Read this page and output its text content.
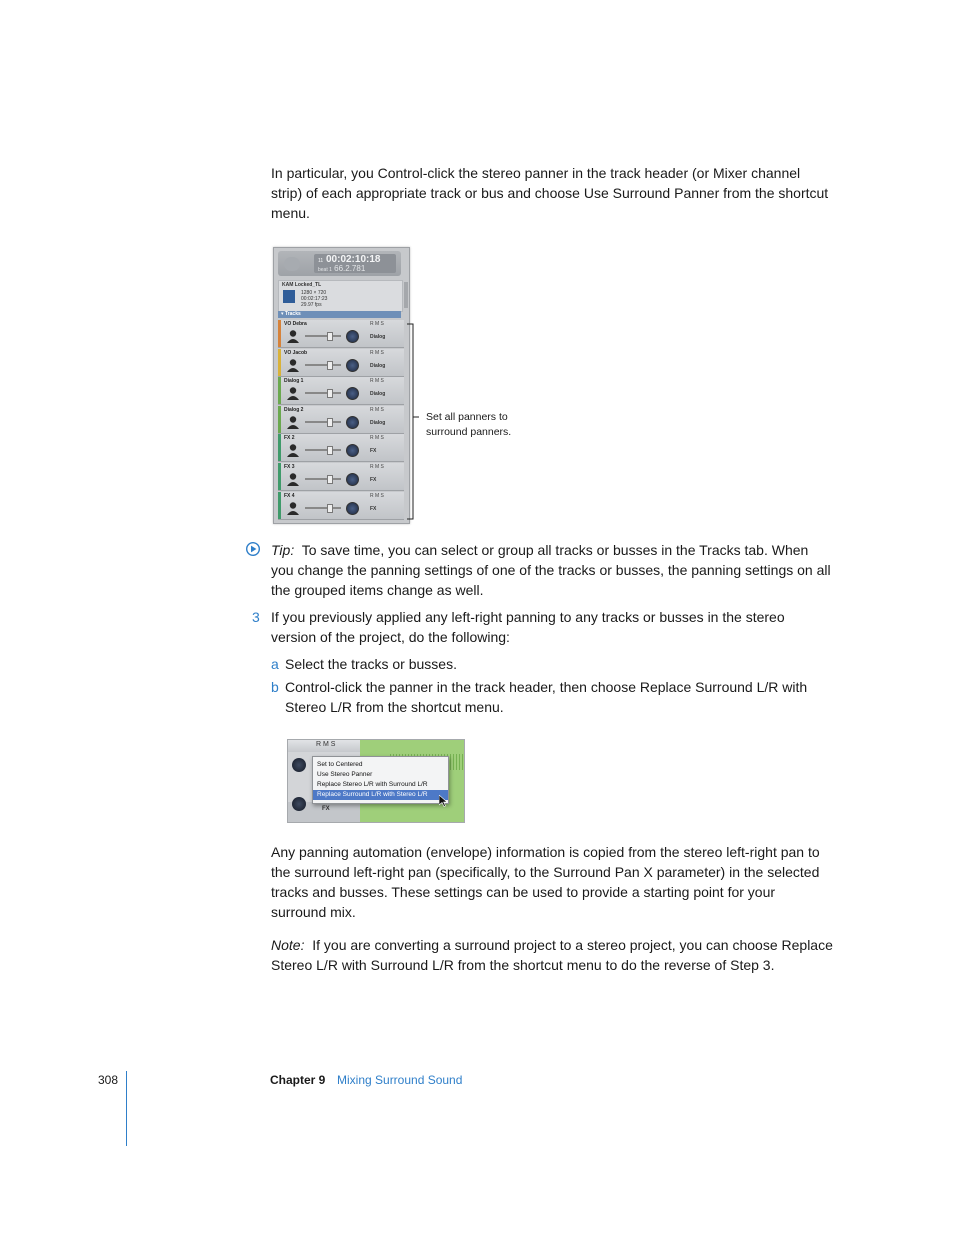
In particular, you Control-click the stereo panner in the track header (or Mixer channel strip) of each appropriate track or bus and choose Use Surround Panner from the shortcut menu.

11 00:02:10:18
beat 1 66.2.781
KAM Locked_TL
1280 × 720
00:02:17:23
29.97 fps
▾ Tracks
VO Debra	R M S
Dialog
VO Jacob	R M S
Dialog
Dialog 1	R M S
Dialog
Dialog 2	R M S
Dialog
FX 2	R M S
FX
FX 3	R M S
FX
FX 4	R M S
FX
Set all panners to
surround panners.

Tip: To save time, you can select or group all tracks or busses in the Tracks tab. When you change the panning settings of one of the tracks or busses, the panning settings on all the grouped items change as well.

3 If you previously applied any left-right panning to any tracks or busses in the stereo version of the project, do the following:

a Select the tracks or busses.

b Control-click the panner in the track header, then choose Replace Surround L/R with Stereo L/R from the shortcut menu.

R M S
FX
Set to Centered
Use Stereo Panner
Replace Stereo L/R with Surround L/R
Replace Surround L/R with Stereo L/R

Any panning automation (envelope) information is copied from the stereo left-right pan to the surround left-right pan (specifically, to the Surround Pan X parameter) in the selected tracks and busses. These settings can be used to provide a starting point for your surround mix.

Note: If you are converting a surround project to a stereo project, you can choose Replace Stereo L/R with Surround L/R from the shortcut menu to do the reverse of Step 3.

308	Chapter 9 Mixing Surround Sound
